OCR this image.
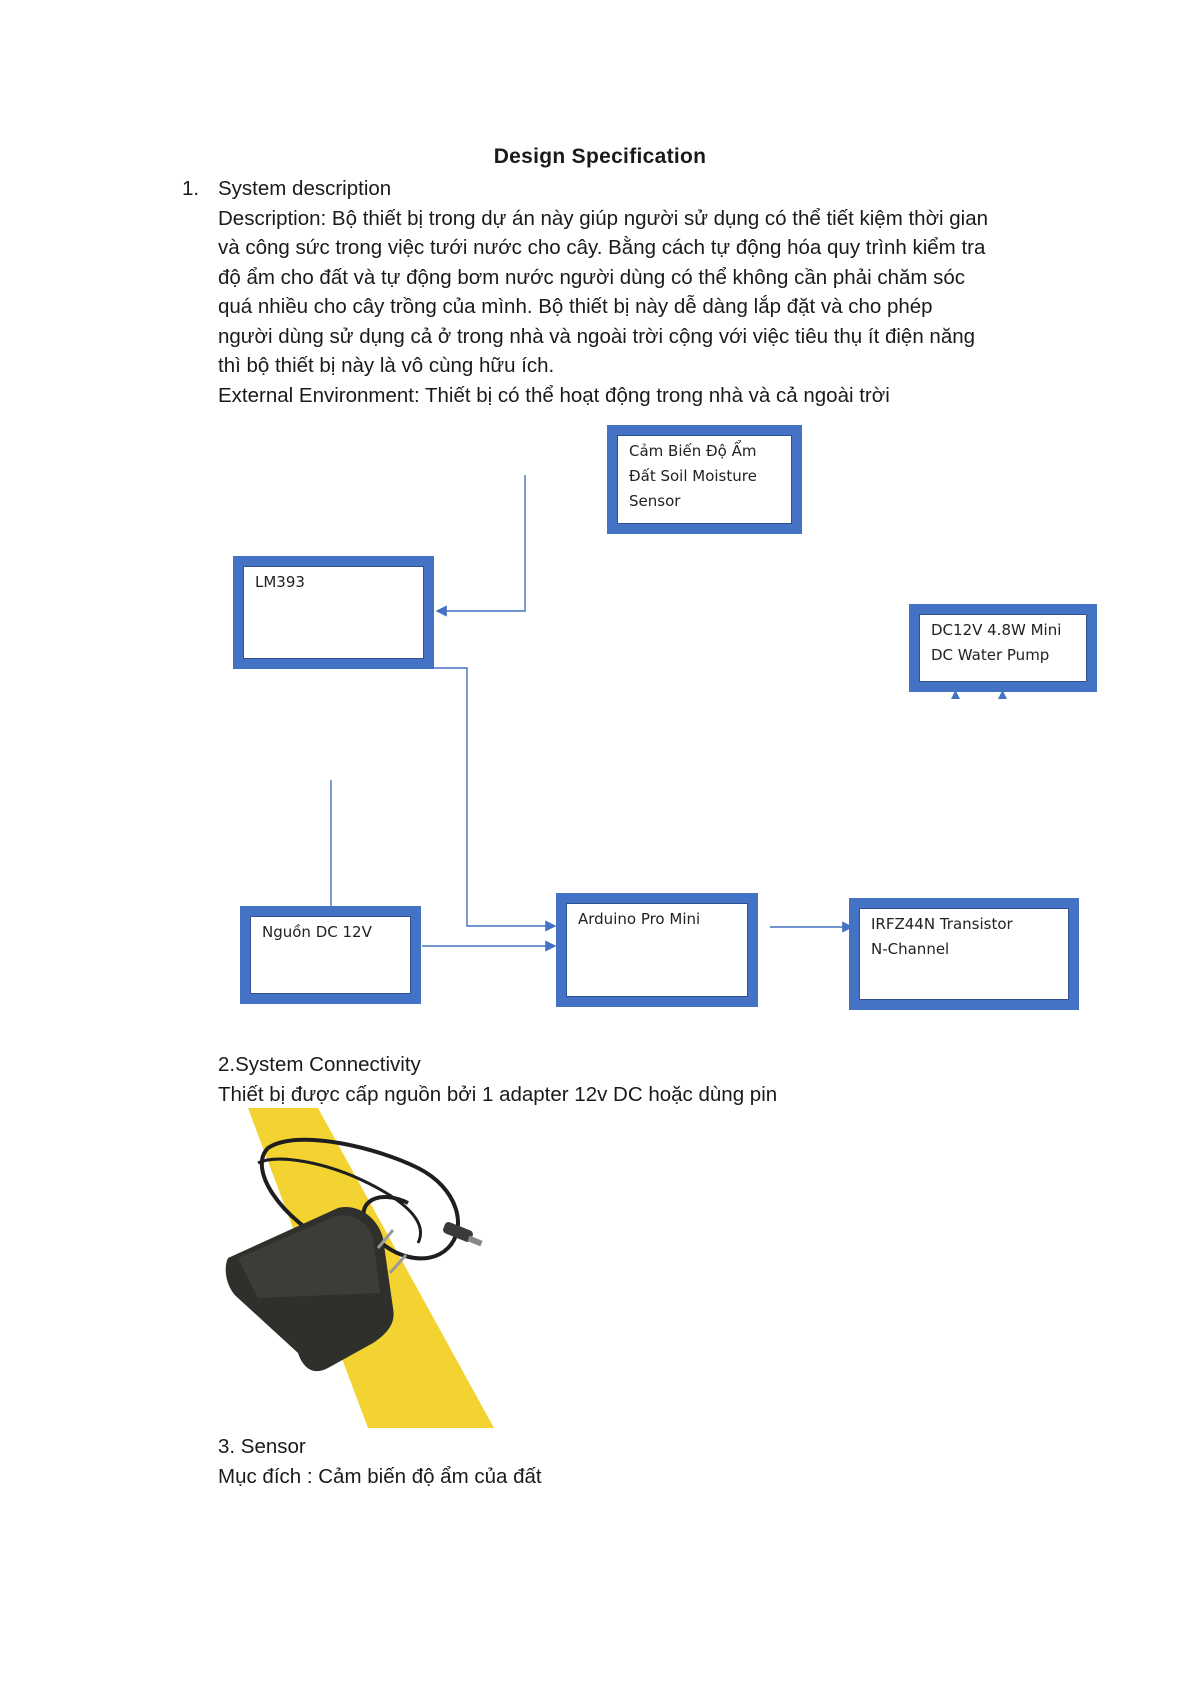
Design Specification
1. System description
Description: Bộ thiết bị trong dự án này giúp người sử dụng có thể tiết kiệm thời gian
và công sức trong việc tưới nước cho cây. Bằng cách tự động hóa quy trình kiểm tra
độ ẩm cho đất và tự động bơm nước người dùng có thể không cần phải chăm sóc
quá nhiều cho cây trồng của mình. Bộ thiết bị này dễ dàng lắp đặt và cho phép
người dùng sử dụng cả ở trong nhà và ngoài trời cộng với việc tiêu thụ ít điện năng
thì bộ thiết bị này là vô cùng hữu ích.
External Environment: Thiết bị có thể hoạt động trong nhà và cả ngoài trời
Cảm Biến Độ Ẩm
Đất Soil Moisture
Sensor
LM393
DC12V 4.8W Mini
DC Water Pump
Nguồn DC 12V
Arduino Pro Mini	IRFZ44N Transistor
N-Channel
2.System Connectivity
Thiết bị được cấp nguồn bởi 1 adapter 12v DC hoặc dùng pin
3. Sensor
Mục đích : Cảm biến độ ẩm của đất
